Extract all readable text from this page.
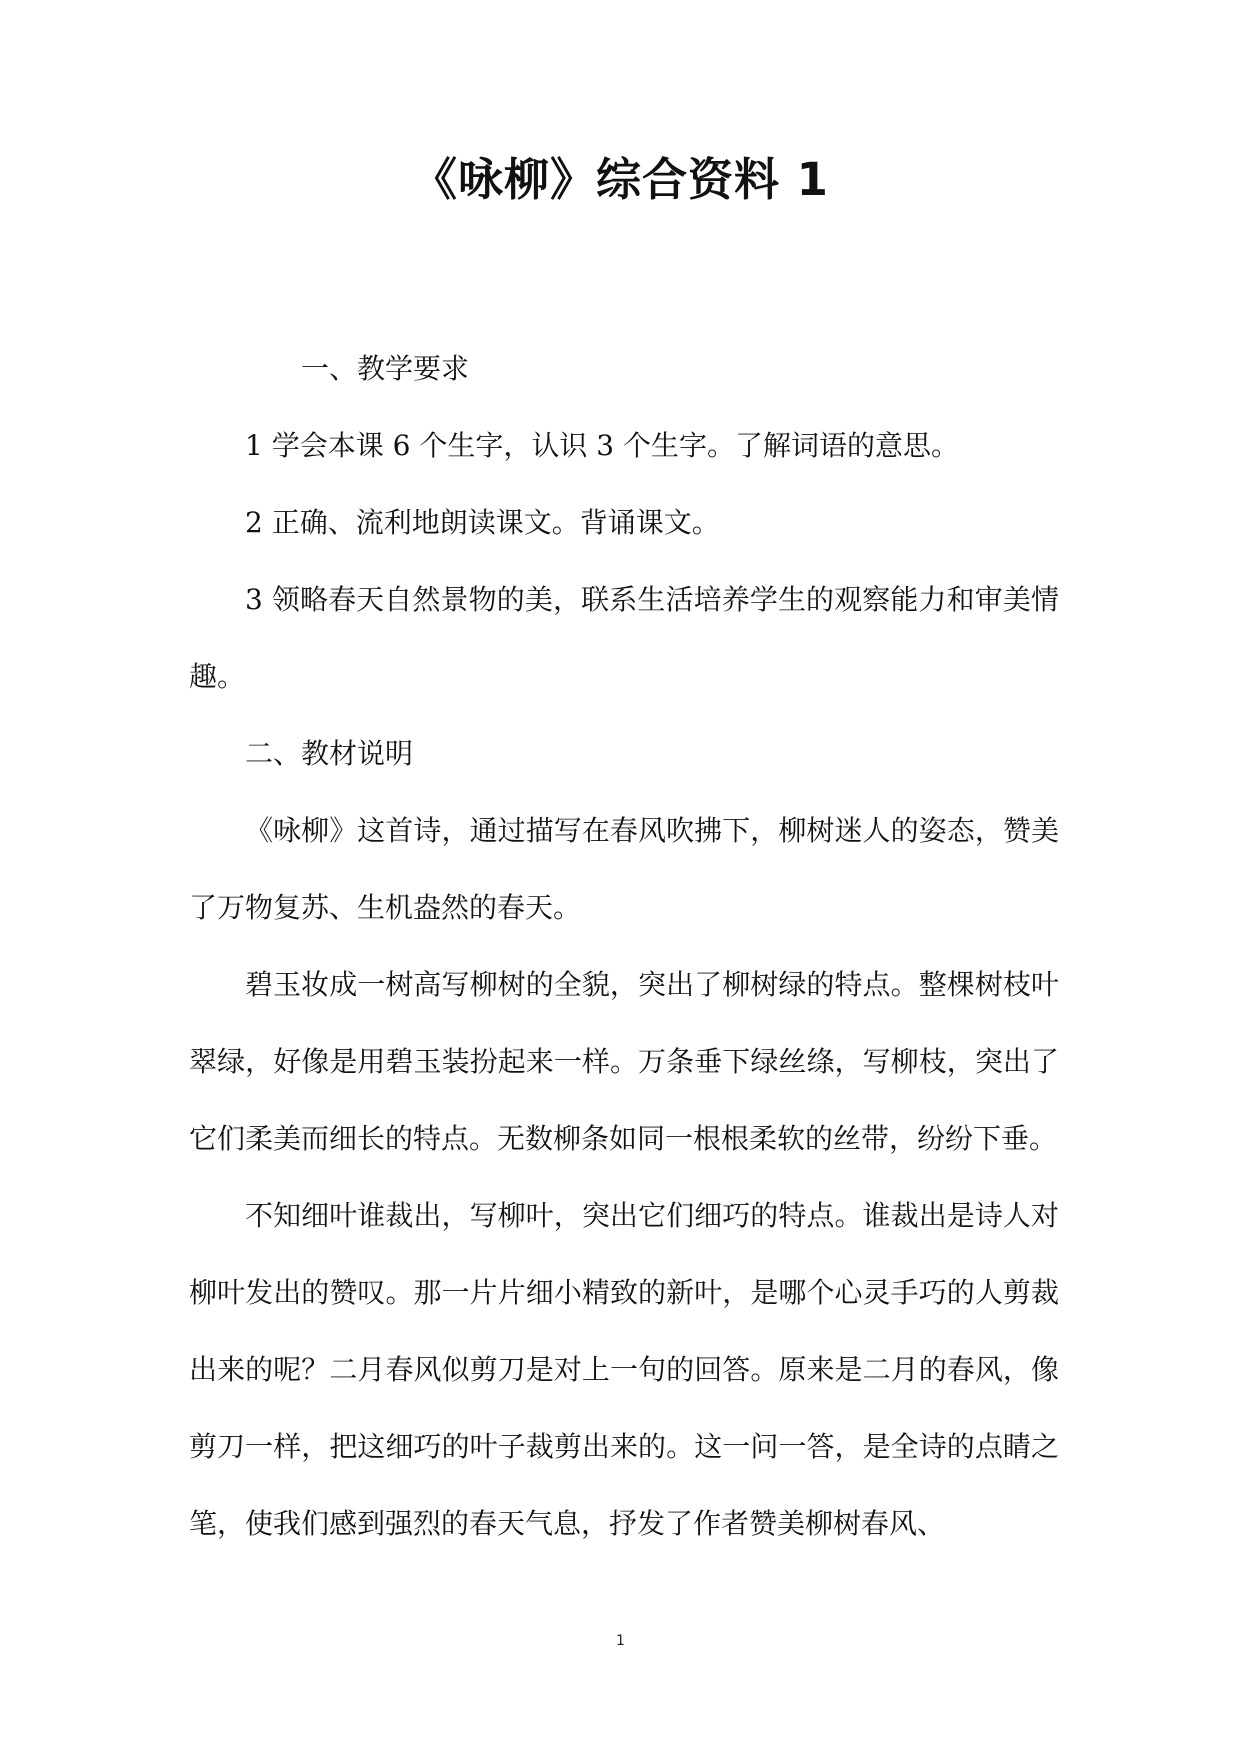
《咏柳》综合资料 1

一、教学要求

1 学会本课 6 个生字，认识 3 个生字。了解词语的意思。

2 正确、流利地朗读课文。背诵课文。

3 领略春天自然景物的美，联系生活培养学生的观察能力和审美情趣。

二、教材说明

《咏柳》这首诗，通过描写在春风吹拂下，柳树迷人的姿态，赞美了万物复苏、生机盎然的春天。

碧玉妆成一树高写柳树的全貌，突出了柳树绿的特点。整棵树枝叶翠绿，好像是用碧玉装扮起来一样。万条垂下绿丝绦，写柳枝，突出了它们柔美而细长的特点。无数柳条如同一根根柔软的丝带，纷纷下垂。

不知细叶谁裁出，写柳叶，突出它们细巧的特点。谁裁出是诗人对柳叶发出的赞叹。那一片片细小精致的新叶，是哪个心灵手巧的人剪裁出来的呢？二月春风似剪刀是对上一句的回答。原来是二月的春风，像剪刀一样，把这细巧的叶子裁剪出来的。这一问一答，是全诗的点睛之笔，使我们感到强烈的春天气息，抒发了作者赞美柳树春风、

1
